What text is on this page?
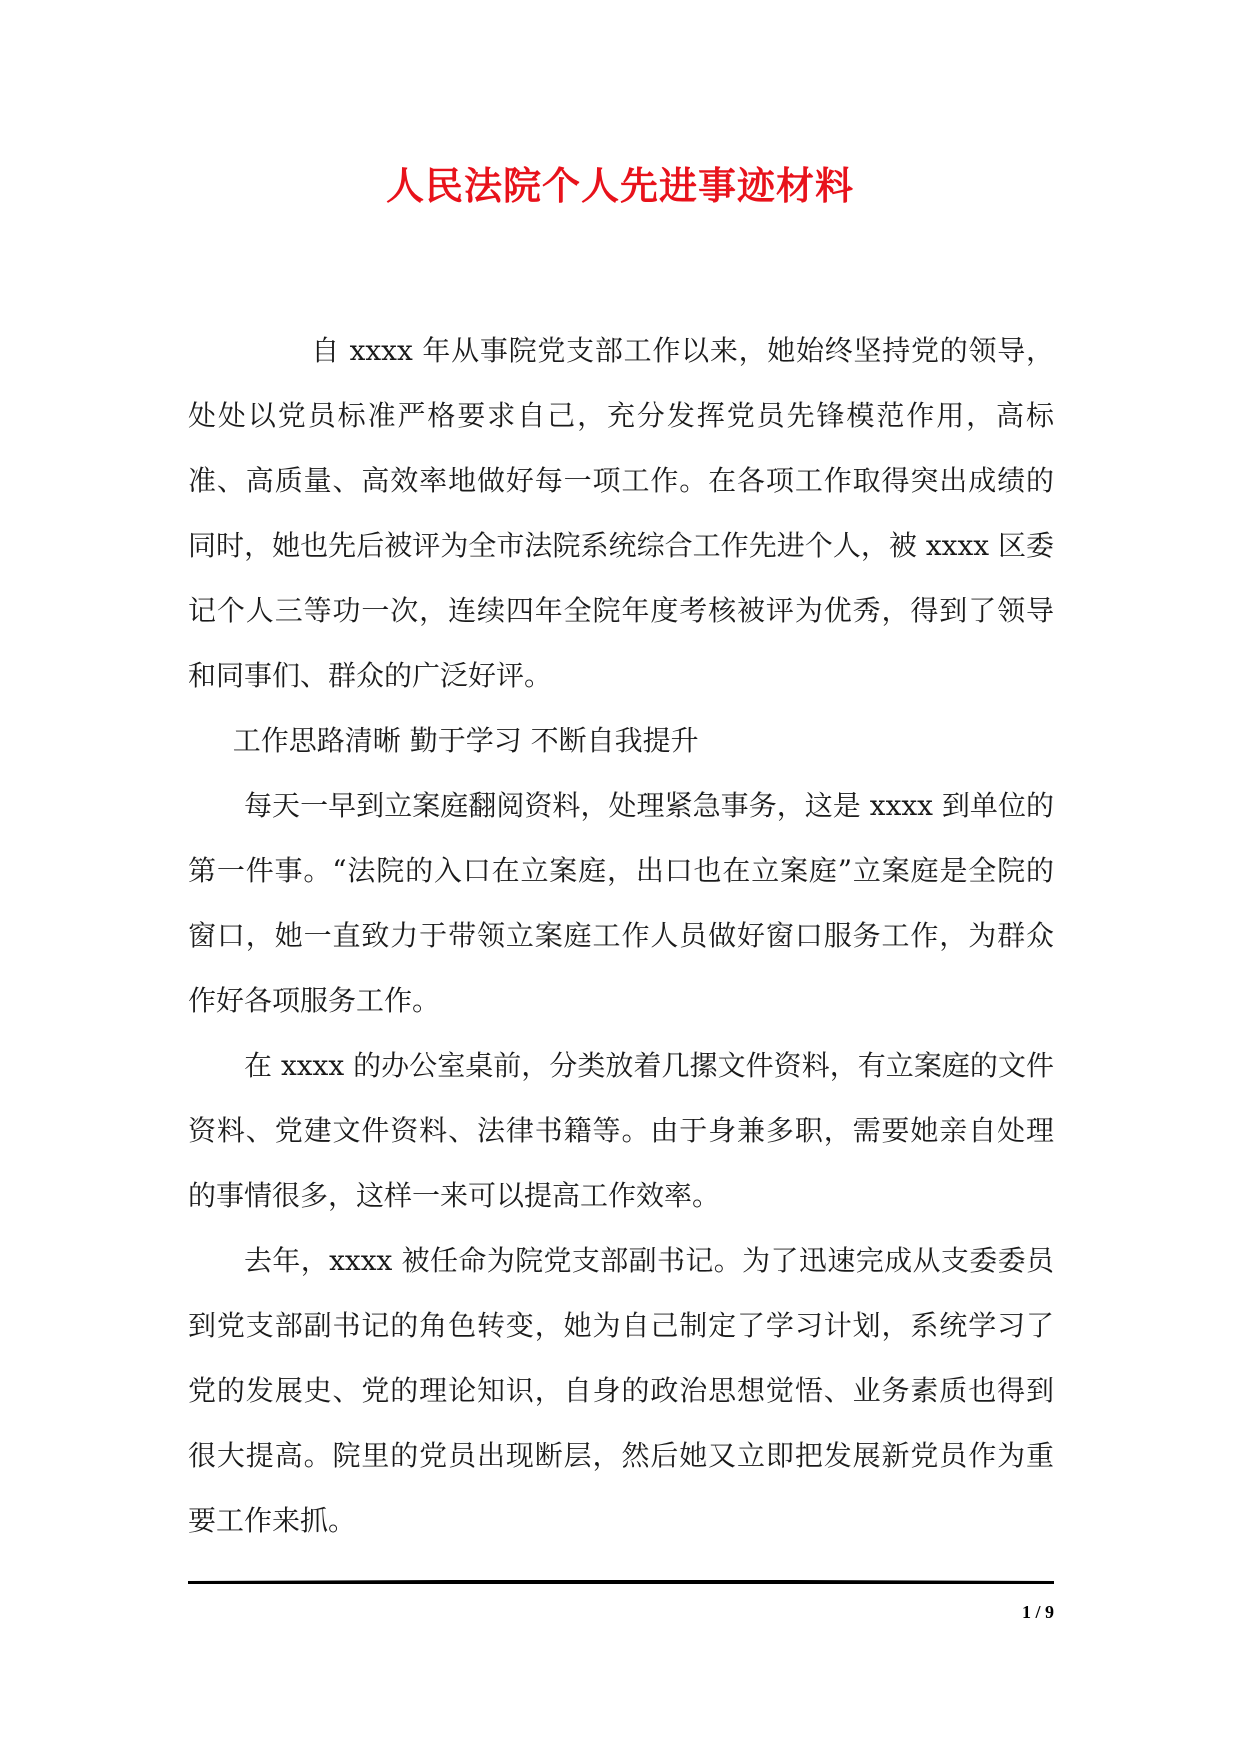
人民法院个人先进事迹材料

自 xxxx 年从事院党支部工作以来，她始终坚持党的领导，处处以党员标准严格要求自己，充分发挥党员先锋模范作用，高标准、高质量、高效率地做好每一项工作。在各项工作取得突出成绩的同时，她也先后被评为全市法院系统综合工作先进个人，被 xxxx 区委记个人三等功一次，连续四年全院年度考核被评为优秀，得到了领导和同事们、群众的广泛好评。

工作思路清晰 勤于学习 不断自我提升

每天一早到立案庭翻阅资料，处理紧急事务，这是 xxxx 到单位的第一件事。“法院的入口在立案庭，出口也在立案庭”立案庭是全院的窗口，她一直致力于带领立案庭工作人员做好窗口服务工作，为群众作好各项服务工作。

在 xxxx 的办公室桌前，分类放着几摞文件资料，有立案庭的文件资料、党建文件资料、法律书籍等。由于身兼多职，需要她亲自处理的事情很多，这样一来可以提高工作效率。

去年，xxxx 被任命为院党支部副书记。为了迅速完成从支委委员到党支部副书记的角色转变，她为自己制定了学习计划，系统学习了党的发展史、党的理论知识，自身的政治思想觉悟、业务素质也得到很大提高。院里的党员出现断层，然后她又立即把发展新党员作为重要工作来抓。

1 / 9
